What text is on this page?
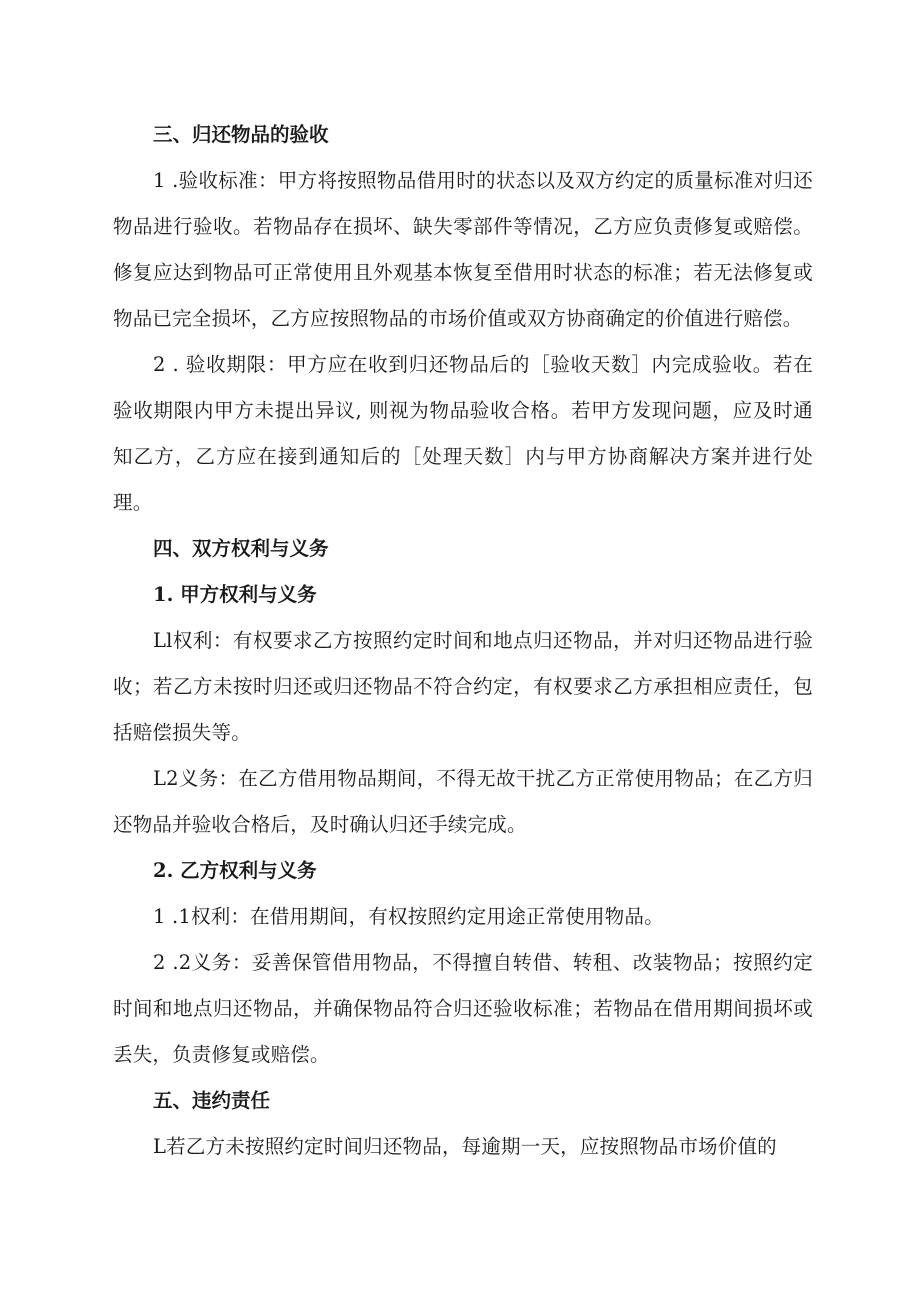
三、归还物品的验收

1 .验收标准：甲方将按照物品借用时的状态以及双方约定的质量标准对归还物品进行验收。若物品存在损坏、缺失零部件等情况，乙方应负责修复或赔偿。修复应达到物品可正常使用且外观基本恢复至借用时状态的标准；若无法修复或物品已完全损坏，乙方应按照物品的市场价值或双方协商确定的价值进行赔偿。

2 . 验收期限：甲方应在收到归还物品后的［验收天数］内完成验收。若在验收期限内甲方未提出异议, 则视为物品验收合格。若甲方发现问题，应及时通知乙方，乙方应在接到通知后的［处理天数］内与甲方协商解决方案并进行处理。

四、双方权利与义务

1. 甲方权利与义务

Ll权利：有权要求乙方按照约定时间和地点归还物品，并对归还物品进行验收；若乙方未按时归还或归还物品不符合约定，有权要求乙方承担相应责任，包括赔偿损失等。

L2义务：在乙方借用物品期间，不得无故干扰乙方正常使用物品；在乙方归还物品并验收合格后，及时确认归还手续完成。

2. 乙方权利与义务

1 .1权利：在借用期间，有权按照约定用途正常使用物品。

2 .2义务：妥善保管借用物品，不得擅自转借、转租、改装物品；按照约定时间和地点归还物品，并确保物品符合归还验收标准；若物品在借用期间损坏或丢失，负责修复或赔偿。

五、违约责任

L若乙方未按照约定时间归还物品，每逾期一天，应按照物品市场价值的
